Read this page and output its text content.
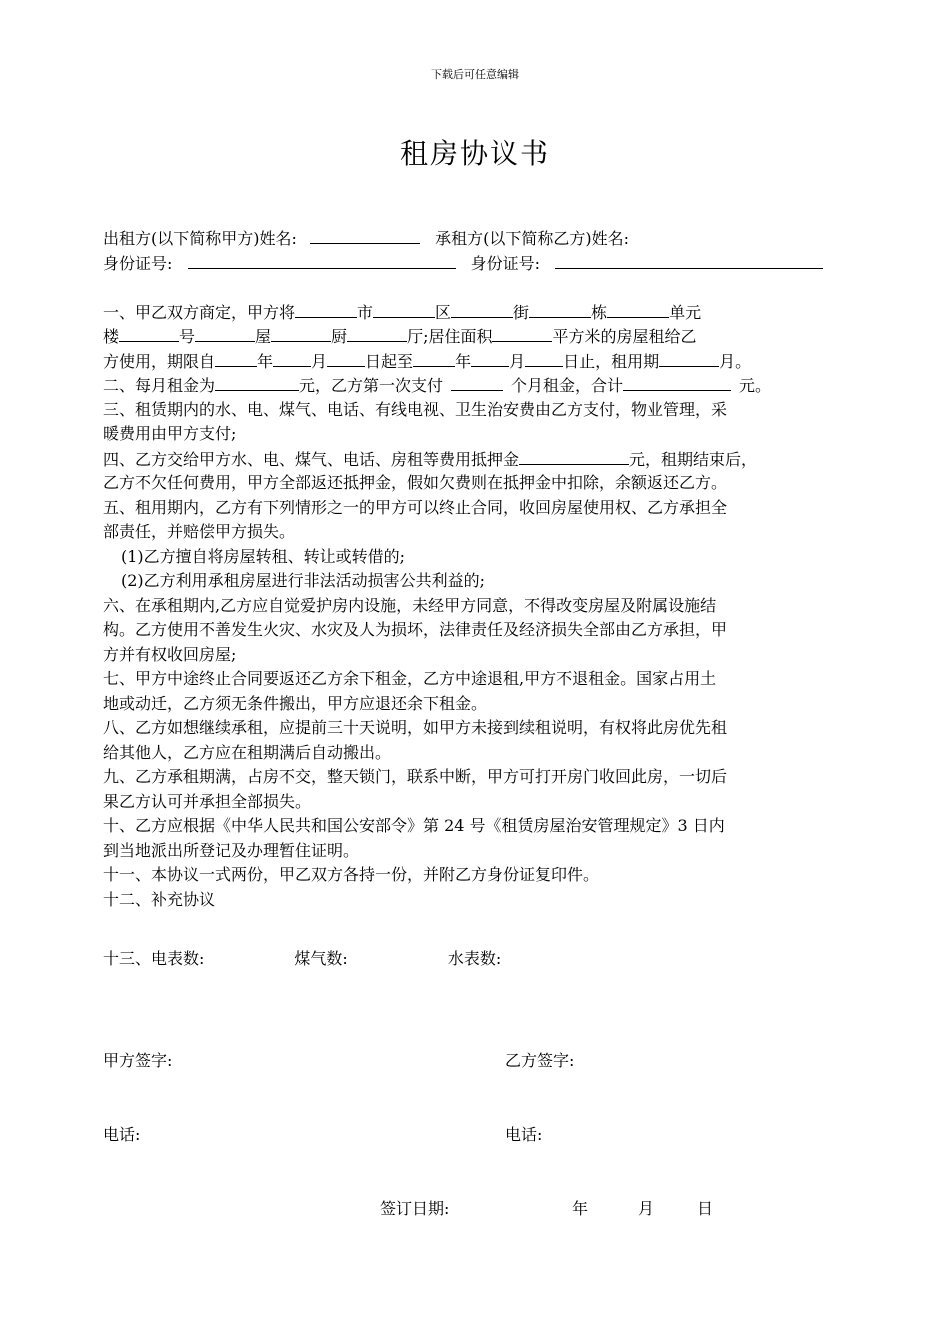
下载后可任意编辑
租房协议书
出租方(以下简称甲方)姓名:	承租方(以下简称乙方)姓名:
身份证号:	身份证号:
一、甲乙双方商定，甲方将	市	区	街	栋	单元
楼	号	屋	厨	厅;居住面积	平方米的房屋租给乙
方使用，期限自	年 月 日起至	年 月 日止，租用期	月。
二、每月租金为	元，乙方第一次支付	个月租金，合计	元。
三、租赁期内的水、电、煤气、电话、有线电视、卫生治安费由乙方支付，物业管理，采
暖费用由甲方支付;
四、乙方交给甲方水、电、煤气、电话、房租等费用抵押金	元，租期结束后，
乙方不欠任何费用，甲方全部返还抵押金，假如欠费则在抵押金中扣除，余额返还乙方。
五、租用期内，乙方有下列情形之一的甲方可以终止合同，收回房屋使用权、乙方承担全
部责任，并赔偿甲方损失。
(1)乙方擅自将房屋转租、转让或转借的;
(2)乙方利用承租房屋进行非法活动损害公共利益的;
六、在承租期内,乙方应自觉爱护房内设施，未经甲方同意，不得改变房屋及附属设施结
构。乙方使用不善发生火灾、水灾及人为损坏，法律责任及经济损失全部由乙方承担，甲
方并有权收回房屋;
七、甲方中途终止合同要返还乙方余下租金，乙方中途退租,甲方不退租金。国家占用土
地或动迁，乙方须无条件搬出，甲方应退还余下租金。
八、乙方如想继续承租，应提前三十天说明，如甲方未接到续租说明，有权将此房优先租
给其他人，乙方应在租期满后自动搬出。
九、乙方承租期满，占房不交，整天锁门，联系中断，甲方可打开房门收回此房，一切后
果乙方认可并承担全部损失。
十、乙方应根据《中华人民共和国公安部令》第 24 号《租赁房屋治安管理规定》3 日内
到当地派出所登记及办理暂住证明。
十一、本协议一式两份，甲乙双方各持一份，并附乙方身份证复印件。
十二、补充协议
十三、电表数:	煤气数:	水表数:
甲方签字:	乙方签字:
电话:	电话:
签订日期:	年	月	日
